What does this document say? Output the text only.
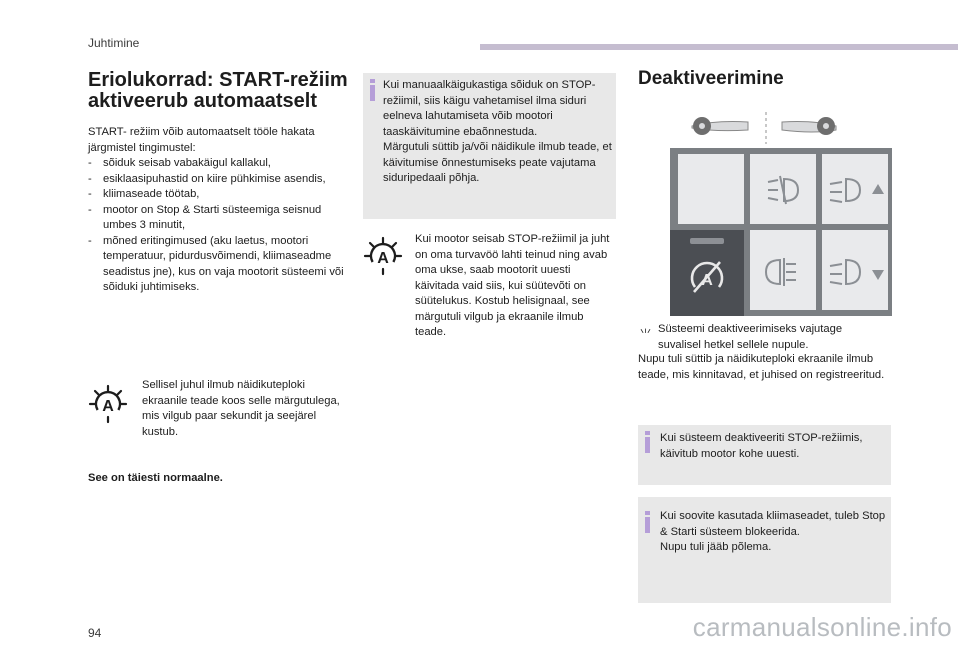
Juhtimine
Eriolukorrad: START-režiim aktiveerub automaatselt

START- režiim võib automaatselt tööle hakata järgmistel tingimustel:

- sõiduk seisab vabakäigul kallakul,
- esiklaasipuhastid on kiire pühkimise asendis,
- kliimaseade töötab,
- mootor on Stop & Starti süsteemiga seisnud umbes 3 minutit,
- mõned eritingimused (aku laetus, mootori temperatuur, pidurdusvõimendi, kliimaseadme seadistus jne), kus on vaja mootorit süsteemi või sõiduki juhtimiseks.
A

Sellisel juhul ilmub näidikuteploki ekraanile teade koos selle märgutulega, mis vilgub paar sekundit ja seejärel kustub.

See on täiesti normaalne.

Kui manuaalkäigukastiga sõiduk on STOP-režiimil, siis käigu vahetamisel ilma siduri eelneva lahutamiseta võib mootori taaskäivitumine ebaõnnestuda.
Märgutuli süttib ja/või näidikule ilmub teade, et käivitumise õnnestumiseks peate vajutama siduripedaali põhja.

A

Kui mootor seisab STOP-režiimil ja juht on oma turvavöö lahti teinud ning avab oma ukse, saab mootorit uuesti käivitada vaid siis, kui süütevõti on süütelukus. Kostub helisignaal, see märgutuli vilgub ja ekraanile ilmub teade.

Deaktiveerimine
A
🗤 Süsteemi deaktiveerimiseks vajutage suvalisel hetkel sellele nupule.

Nupu tuli süttib ja näidikuteploki ekraanile ilmub teade, mis kinnitavad, et juhised on registreeritud.

Kui süsteem deaktiveeriti STOP-režiimis, käivitub mootor kohe uuesti.

Kui soovite kasutada kliimaseadet, tuleb Stop & Starti süsteem blokeerida.
Nupu tuli jääb põlema.

94	carmanualsonline.info
